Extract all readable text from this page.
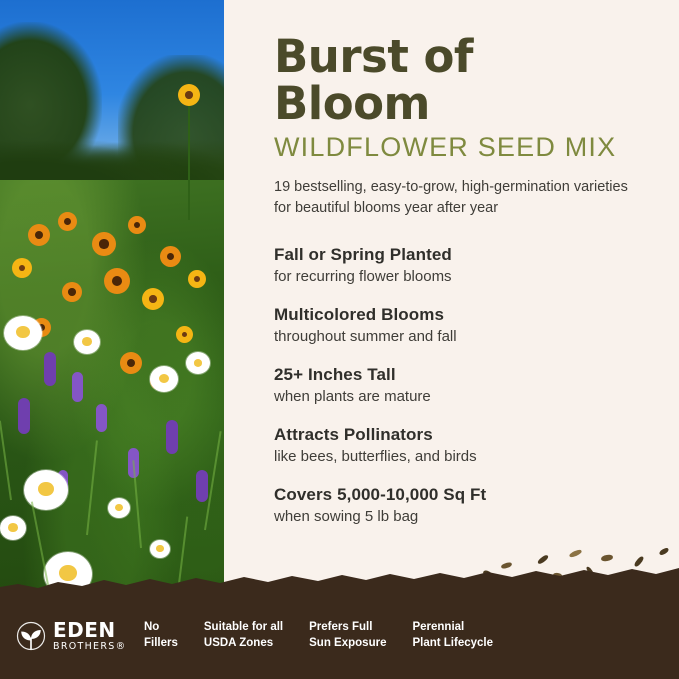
Burst of Bloom
WILDFLOWER SEED MIX

19 bestselling, easy-to-grow, high-germination varieties for beautiful blooms year after year

Fall or Spring Planted

for recurring flower blooms

Multicolored Blooms

throughout summer and fall

25+ Inches Tall

when plants are mature

Attracts Pollinators

like bees, butterflies, and birds

Covers 5,000-10,000 Sq Ft

when sowing 5 lb bag

EDEN
BROTHERS®
No
Fillers
Suitable for all
USDA Zones
Prefers Full
Sun Exposure
Perennial
Plant Lifecycle
